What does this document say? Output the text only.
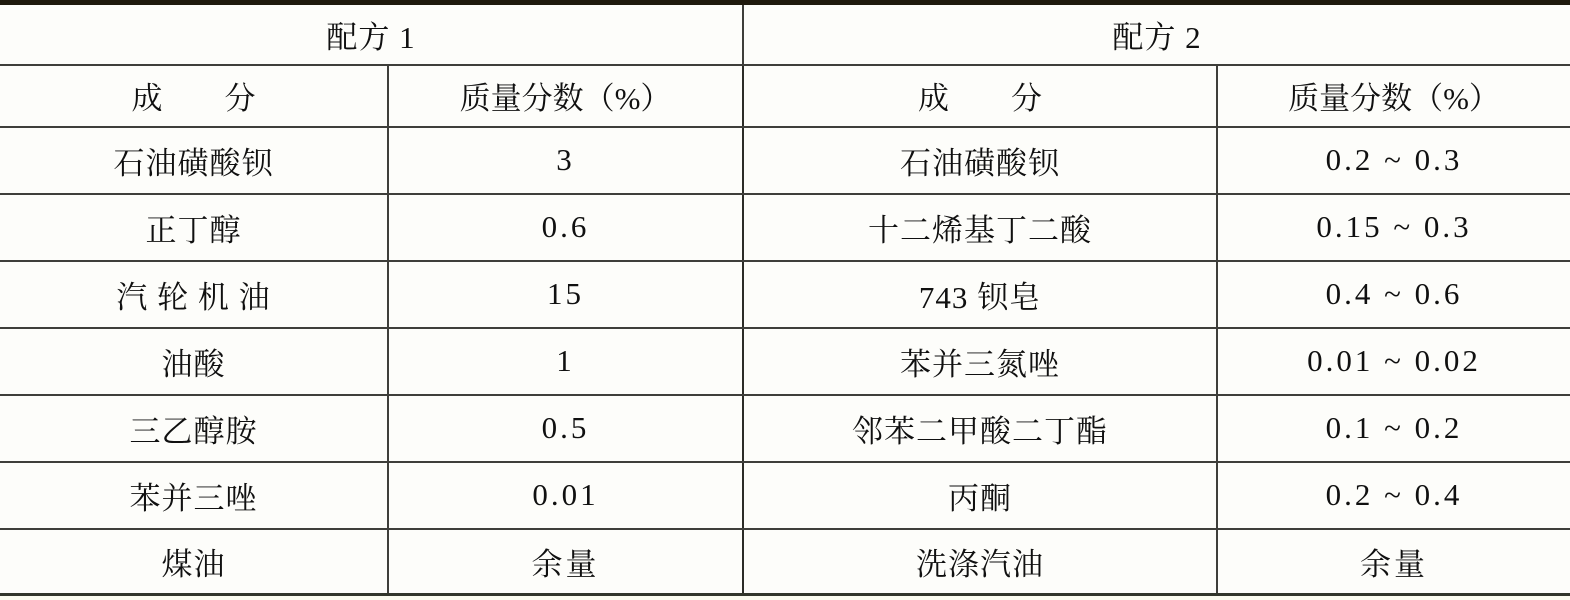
配方 1		配方 2	
成　　分	质量分数（%）	成　　分	质量分数（%）
石油磺酸钡	3	石油磺酸钡	0.2 ~ 0.3
正丁醇	0.6	十二烯基丁二酸	0.15 ~ 0.3
汽 轮 机 油	15	743 钡皂	0.4 ~ 0.6
油酸	1	苯并三氮唑	0.01 ~ 0.02
三乙醇胺	0.5	邻苯二甲酸二丁酯	0.1 ~ 0.2
苯并三唑	0.01	丙酮	0.2 ~ 0.4
煤油	余量	洗涤汽油	余量
